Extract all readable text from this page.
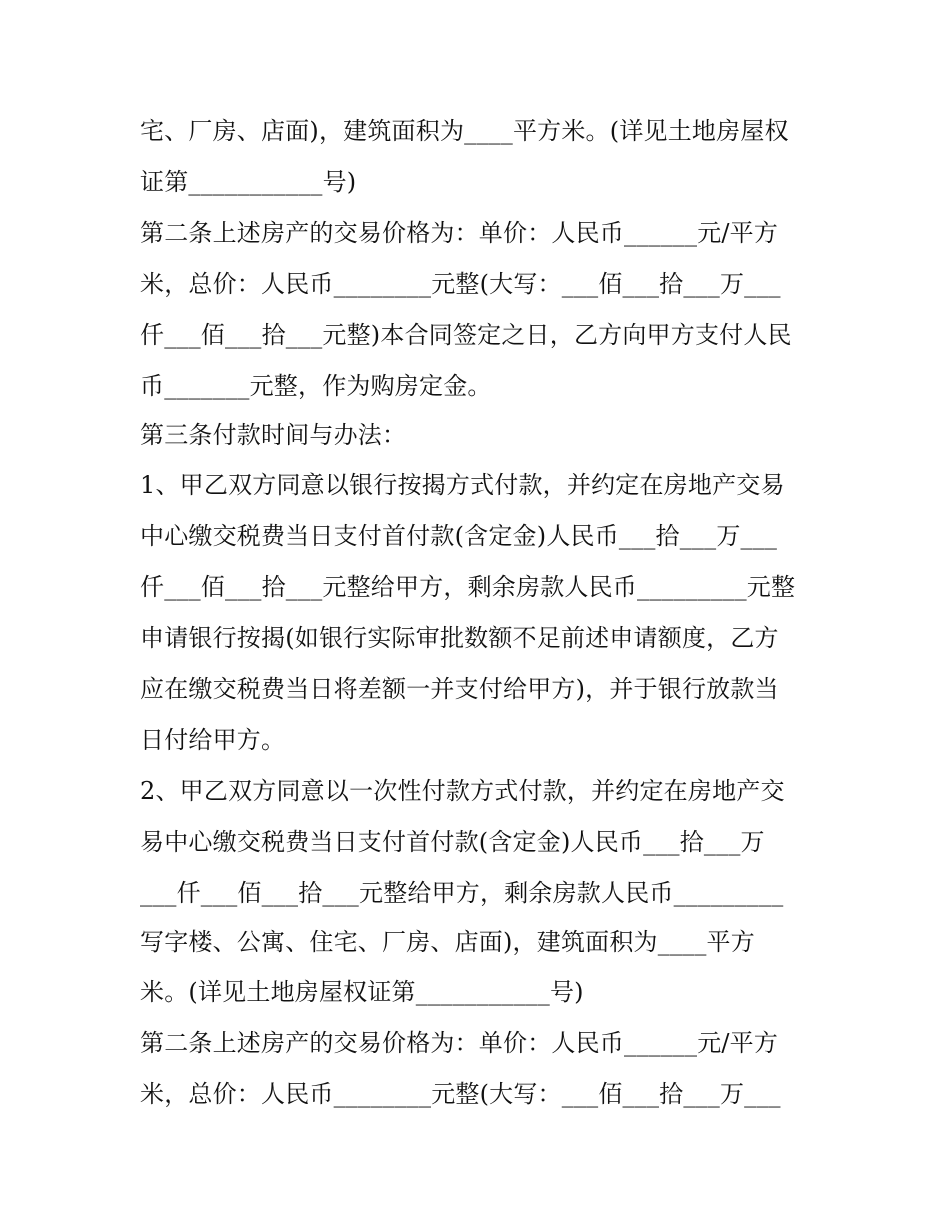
宅、厂房、店面)，建筑面积为____平方米。(详见土地房屋权
证第___________号)
第二条上述房产的交易价格为：单价：人民币______元/平方
米，总价：人民币________元整(大写：___佰___拾___万___
仟___佰___拾___元整)本合同签定之日，乙方向甲方支付人民
币_______元整，作为购房定金。
第三条付款时间与办法：
1、甲乙双方同意以银行按揭方式付款，并约定在房地产交易
中心缴交税费当日支付首付款(含定金)人民币___拾___万___
仟___佰___拾___元整给甲方，剩余房款人民币_________元整
申请银行按揭(如银行实际审批数额不足前述申请额度，乙方
应在缴交税费当日将差额一并支付给甲方)，并于银行放款当
日付给甲方。
2、甲乙双方同意以一次性付款方式付款，并约定在房地产交
易中心缴交税费当日支付首付款(含定金)人民币___拾___万
___仟___佰___拾___元整给甲方，剩余房款人民币_________
写字楼、公寓、住宅、厂房、店面)，建筑面积为____平方
米。(详见土地房屋权证第___________号)
第二条上述房产的交易价格为：单价：人民币______元/平方
米，总价：人民币________元整(大写：___佰___拾___万___
